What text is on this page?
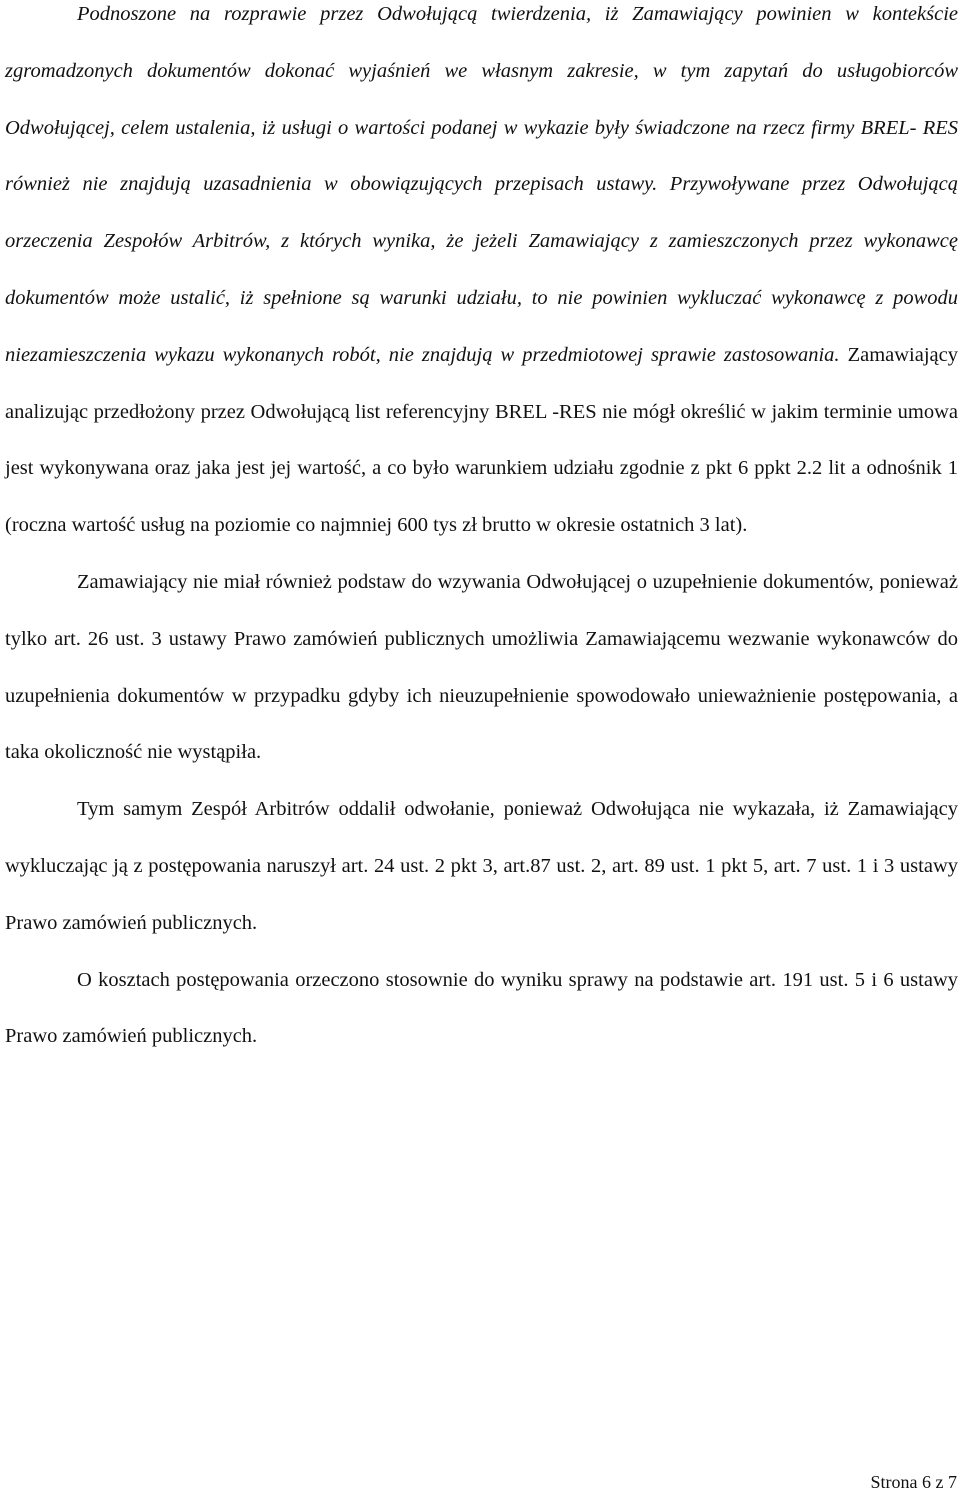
Podnoszone na rozprawie przez Odwołującą twierdzenia, iż Zamawiający powinien w kontekście zgromadzonych dokumentów dokonać wyjaśnień we własnym zakresie, w tym zapytań do usługobiorców Odwołującej, celem ustalenia, iż usługi o wartości podanej w wykazie były świadczone na rzecz firmy BREL- RES również nie znajdują uzasadnienia w obowiązujących przepisach ustawy. Przywoływane przez Odwołującą orzeczenia Zespołów Arbitrów, z których wynika, że jeżeli Zamawiający z zamieszczonych przez wykonawcę dokumentów może ustalić, iż spełnione są warunki udziału, to nie powinien wykluczać wykonawcę z powodu niezamieszczenia wykazu wykonanych robót, nie znajdują w przedmiotowej sprawie zastosowania. Zamawiający analizując przedłożony przez Odwołującą list referencyjny BREL -RES nie mógł określić w jakim terminie umowa jest wykonywana oraz jaka jest jej wartość, a co było warunkiem udziału zgodnie z pkt 6 ppkt 2.2 lit a odnośnik 1 (roczna wartość usług na poziomie co najmniej 600 tys zł brutto w okresie ostatnich 3 lat).

Zamawiający nie miał również podstaw do wzywania Odwołującej o uzupełnienie dokumentów, ponieważ tylko art. 26 ust. 3 ustawy Prawo zamówień publicznych umożliwia Zamawiającemu wezwanie wykonawców do uzupełnienia dokumentów w przypadku gdyby ich nieuzupełnienie spowodowało unieważnienie postępowania, a taka okoliczność nie wystąpiła.

Tym samym Zespół Arbitrów oddalił odwołanie, ponieważ Odwołująca nie wykazała, iż Zamawiający wykluczając ją z postępowania naruszył art. 24 ust. 2 pkt 3, art.87 ust. 2, art. 89 ust. 1 pkt 5, art. 7 ust. 1 i 3 ustawy Prawo zamówień publicznych.

O kosztach postępowania orzeczono stosownie do wyniku sprawy na podstawie art. 191 ust. 5 i 6 ustawy Prawo zamówień publicznych.

Strona 6 z 7
